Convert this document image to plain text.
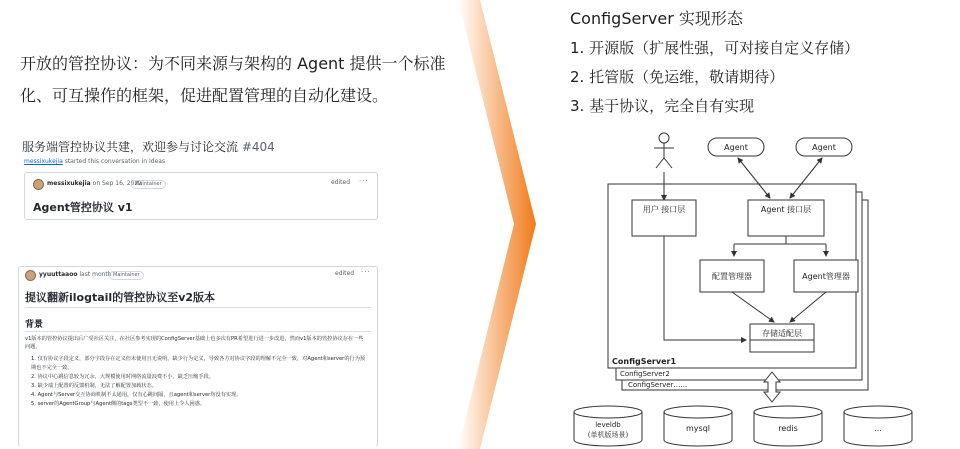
开放的管控协议：为不同来源与架构的 Agent 提供一个标准化、可互操作的框架，促进配置管理的自动化建设。

服务端管控协议共建，欢迎参与讨论交流 #404
messixukejia started this conversation in Ideas
messixukejia on Sep 16, 2022
Maintainer	edited ···
Agent管控协议 v1
yyuuttaaoo last month Maintainer	edited ···
提议翻新ilogtail的管控协议至v2版本
背景
v1版本的管控协议提出后广受社区关注，在社区参考实现的ConfigServer基础上也多次有PR希望进行进一步改进，然而v1版本的管控协议存在一些问题。
1. 仅有协议字段定义，部分字段存在定义但未使用且无说明，缺少行为定义，导致各方对协议字段的理解不完全一致，对Agent和server的行为预期也不完全一致。
2. 协议中心跳信息较为冗余，大规模使用时网络流量浪费不小，缺乏压缩手段。
3. 缺少端上配置的反馈机制，无法了解配置加载状态。
4. Agent与Server交互协商机制不太通用，仅有心跳间隔，且agent和server均没有实现。
5. server的AgentGroup与Agent侧的tags类型不一致，使用上令人困惑。
ConfigServer 实现形态
1. 开源版（扩展性强，可对接自定义存储）
2. 托管版（免运维，敬请期待）
3. 基于协议，完全自有实现
Agent	Agent
用户 接口层	Agent 接口层
配置管理器	Agent管理器
存储适配层
ConfigServer1
ConfigServer2
ConfigServer……
leveldb
(单机版场景)
mysql	redis	...
